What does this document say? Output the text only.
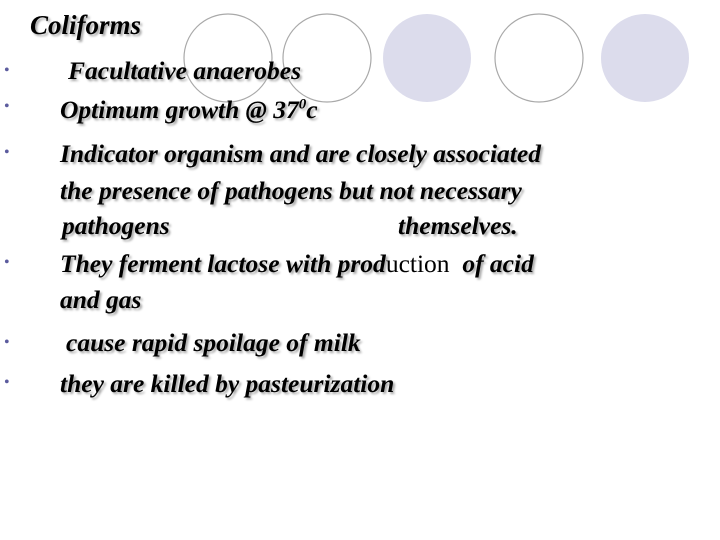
Coliforms
•
•
•
•
•
•
Facultative anaerobes
Optimum growth @ $37^0c$
Indicator organism and are closely associated
the presence of pathogens but not necessary
pathogens	themselves.
They ferment lactose with production of acid
and gas
cause rapid spoilage of milk
they are killed by pasteurization
